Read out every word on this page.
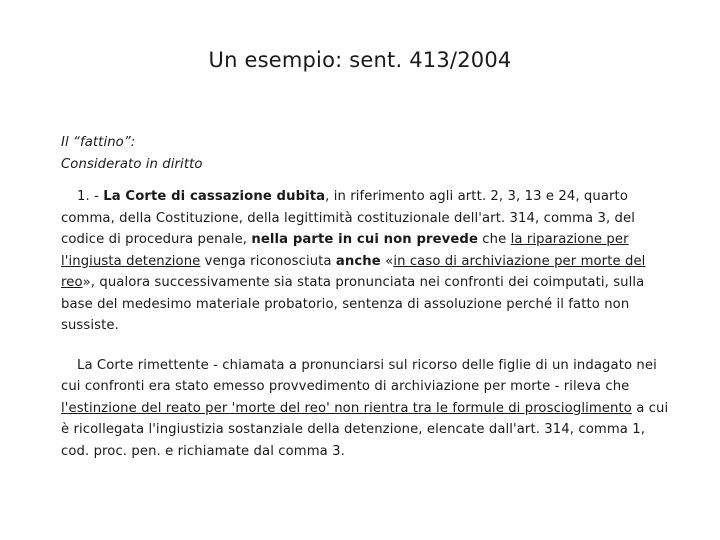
Un esempio: sent. 413/2004

Il “fattino”:
Considerato in diritto

1. - La Corte di cassazione dubita, in riferimento agli artt. 2, 3, 13 e 24, quarto comma, della Costituzione, della legittimità costituzionale dell'art. 314, comma 3, del codice di procedura penale, nella parte in cui non prevede che la riparazione per l'ingiusta detenzione venga riconosciuta anche «in caso di archiviazione per morte del reo», qualora successivamente sia stata pronunciata nei confronti dei coimputati, sulla base del medesimo materiale probatorio, sentenza di assoluzione perché il fatto non sussiste.

La Corte rimettente - chiamata a pronunciarsi sul ricorso delle figlie di un indagato nei cui confronti era stato emesso provvedimento di archiviazione per morte - rileva che l'estinzione del reato per 'morte del reo' non rientra tra le formule di proscioglimento a cui è ricollegata l'ingiustizia sostanziale della detenzione, elencate dall'art. 314, comma 1, cod. proc. pen. e richiamate dal comma 3.
